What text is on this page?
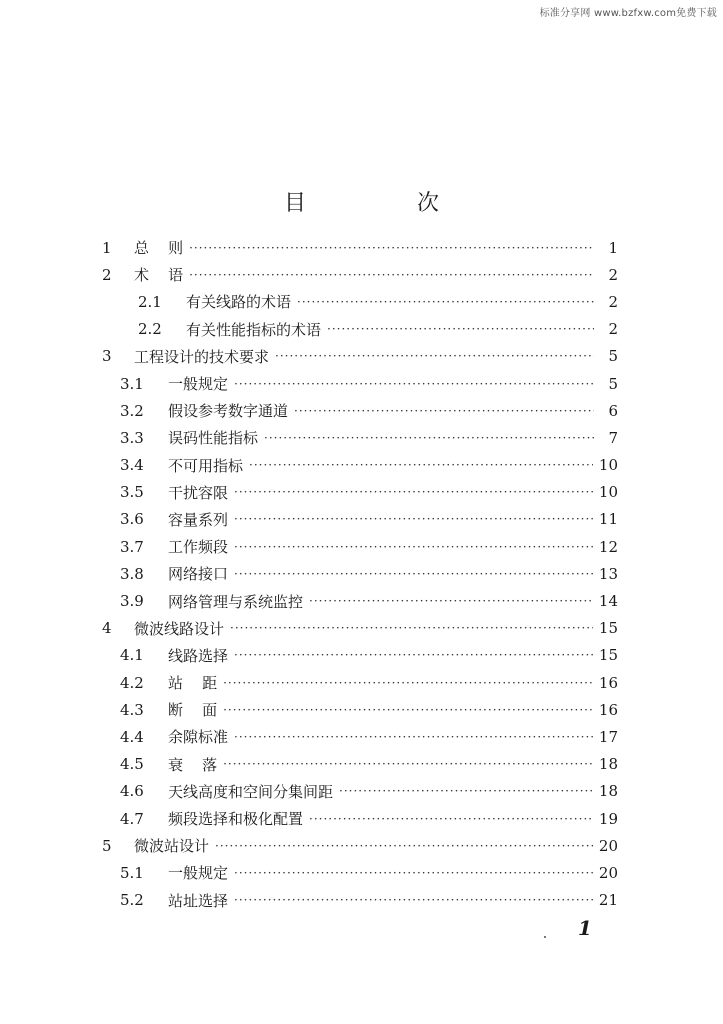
标准分享网 www.bzfxw.com免费下载
目 次
1	总    则 ·····	1
2	术    语 ·····	2
2.1	有关线路的术语 ·····	2
2.2	有关性能指标的术语 ·····	2
3	工程设计的技术要求 ·····	5
3.1	一般规定 ·····	5
3.2	假设参考数字通道 ·····	6
3.3	误码性能指标 ·····	7
3.4	不可用指标 ·····	10
3.5	干扰容限 ·····	10
3.6	容量系列 ·····	11
3.7	工作频段 ·····	12
3.8	网络接口 ·····	13
3.9	网络管理与系统监控 ·····	14
4	微波线路设计 ·····	15
4.1	线路选择 ·····	15
4.2	站    距 ·····	16
4.3	断    面 ·····	16
4.4	余隙标准 ·····	17
4.5	衰    落 ·····	18
4.6	天线高度和空间分集间距 ·····	18
4.7	频段选择和极化配置 ·····	19
5	微波站设计 ·····	20
5.1	一般规定 ·····	20
5.2	站址选择 ·····	21
1
